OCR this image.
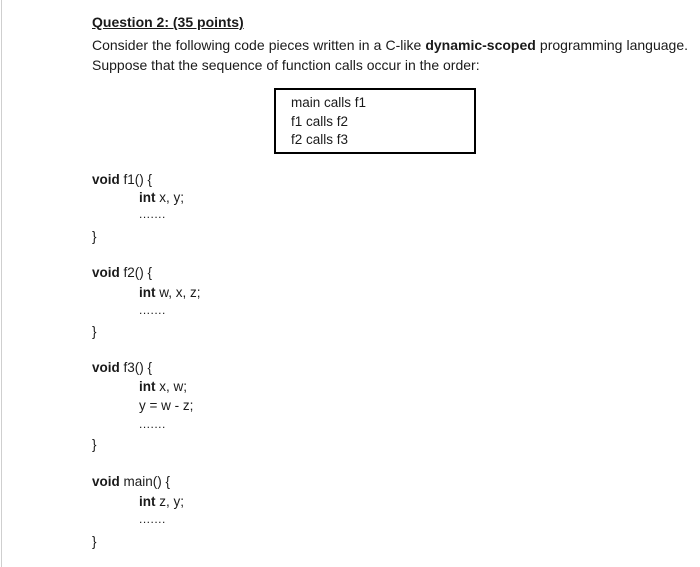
Question 2: (35 points)
Consider the following code pieces written in a C-like dynamic-scoped programming language. Suppose that the sequence of function calls occur in the order:
main calls f1
f1 calls f2
f2 calls f3
void f1() {
int x, y;
.......
}
void f2() {
int w, x, z;
.......
}
void f3() {
int x, w;
y = w - z;
.......
}
void main() {
int z, y;
.......
}
